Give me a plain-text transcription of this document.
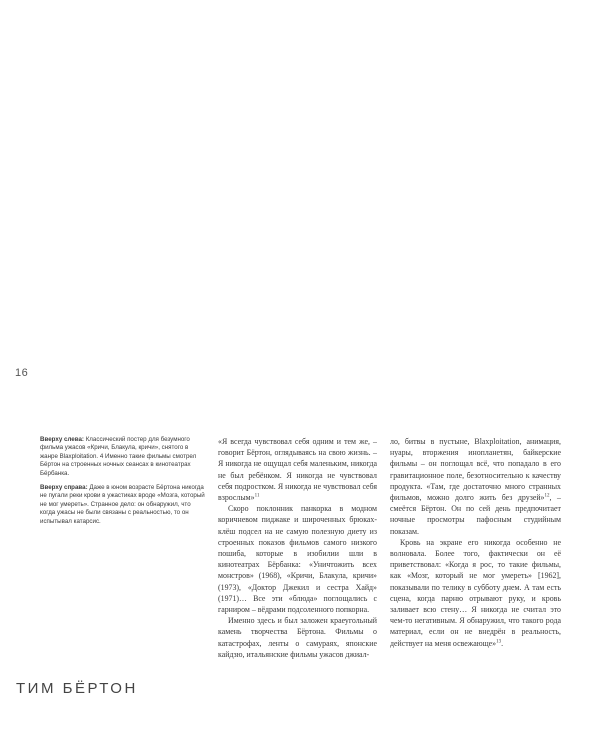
Вверху слева: Классический постер для безумного фильма ужасов «Кричи, Блакула, кричи», снятого в жанре Blaxploitation. 4 Именно такие фильмы смотрел Бёртон на строенных ночных сеансах в кинотеатрах Бёрбанка.

Вверху справа: Даже в юном возрасте Бёртона никогда не пугали реки крови в ужастиках вроде «Мозга, который не мог умереть». Странное дело: он обнаружил, что когда ужасы не были связаны с реальностью, то он испытывал катарсис.

«Я всегда чувствовал себя одним и тем же, – говорит Бёртон, оглядываясь на свою жизнь. – Я никогда не ощущал себя маленьким, никогда не был ребёнком. Я никогда не чувствовал себя подростком. Я никогда не чувствовал себя взрослым»$^{11}$

Скоро поклонник панкорка в модном коричневом пиджаке и широченных брюках-клёш подсел на не самую полезную диету из строенных показов фильмов самого низкого пошиба, которые в изобилии шли в кинотеатрах Бёрбанка: «Уничтожить всех монстров» (1968), «Кричи, Блакула, кричи» (1973), «Доктор Джекил и сестра Хайд» (1971)… Все эти «блюда» поглощались с гарниром – вёдрами подсоленного попкорна.

Именно здесь и был заложен краеугольный камень творчества Бёртона. Фильмы о катастрофах, ленты о самураях, японские кайдзю, итальянские фильмы ужасов джиал-

ло, битвы в пустыне, Blaxploitation, анимация, нуары, вторжения инопланетян, байкерские фильмы – он поглощал всё, что попадало в его гравитационное поле, безотносительно к качеству продукта. «Там, где достаточно много странных фильмов, можно долго жить без друзей»$^{12}$, – смеётся Бёртон. Он по сей день предпочитает ночные просмотры пафосным студийным показам.

Кровь на экране его никогда особенно не волновала. Более того, фактически он её приветствовал: «Когда я рос, то такие фильмы, как «Мозг, который не мог умереть» [1962], показывали по телику в субботу днем. А там есть сцена, когда парню отрывают руку, и кровь заливает всю стену… Я никогда не считал это чем-то негативным. Я обнаружил, что такого рода материал, если он не внедрён в реальность, действует на меня освежающе»$^{13}$.

16
ТИМ БЁРТОН
